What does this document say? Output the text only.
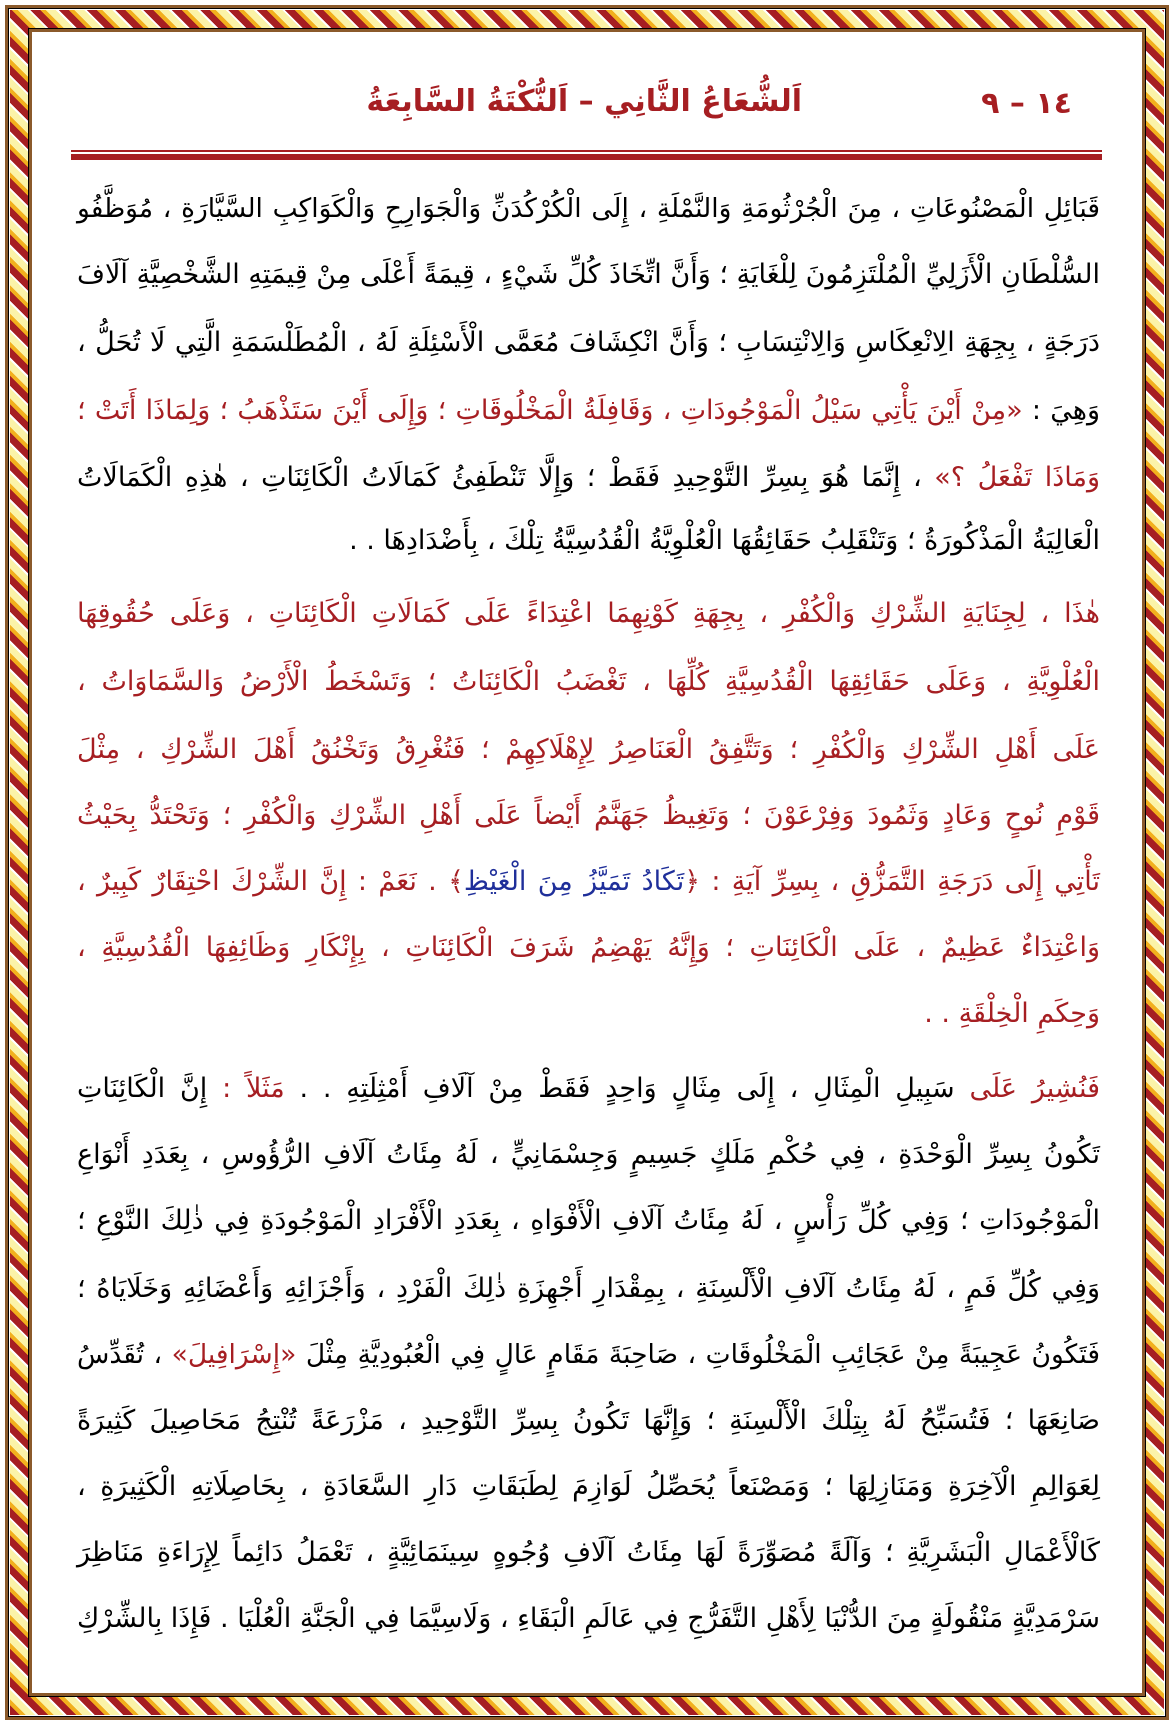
١٤ – ٩
اَلشُّعَاعُ الثَّانِي – اَلنُّكْتَةُ السَّابِعَةُ
قَبَائِلِ الْمَصْنُوعَاتِ ، مِنَ الْجُرْثُومَةِ وَالنَّمْلَةِ ، إِلَى الْكُرْكُدَنِّ وَالْجَوَارِحِ وَالْكَوَاكِبِ السَّيَّارَةِ ، مُوَظَّفُو
السُّلْطَانِ الْأَزَلِيِّ الْمُلْتَزِمُونَ لِلْغَايَةِ ؛ وَأَنَّ اتِّخَاذَ كُلِّ شَيْءٍ ، قِيمَةً أَعْلَى مِنْ قِيمَتِهِ الشَّخْصِيَّةِ آلَافَ
دَرَجَةٍ ، بِجِهَةِ الِانْعِكَاسِ وَالِانْتِسَابِ ؛ وَأَنَّ انْكِشَافَ مُعَمَّى الْأَسْئِلَةِ لَهُ ، الْمُطَلْسَمَةِ الَّتِي لَا تُحَلُّ ،
وَهِيَ : «مِنْ أَيْنَ يَأْتِي سَيْلُ الْمَوْجُودَاتِ ، وَقَافِلَةُ الْمَخْلُوقَاتِ ؛ وَإِلَى أَيْنَ سَتَذْهَبُ ؛ وَلِمَاذَا أَتَتْ ؛
وَمَاذَا تَفْعَلُ ؟» ، إِنَّمَا هُوَ بِسِرِّ التَّوْحِيدِ فَقَطْ ؛ وَإِلَّا تَنْطَفِئُ كَمَالَاتُ الْكَائِنَاتِ ، هٰذِهِ الْكَمَالَاتُ
الْعَالِيَةُ الْمَذْكُورَةُ ؛ وَتَنْقَلِبُ حَقَائِقُهَا الْعُلْوِيَّةُ الْقُدُسِيَّةُ تِلْكَ ، بِأَضْدَادِهَا . .
هٰذَا ، لِجِنَايَةِ الشِّرْكِ وَالْكُفْرِ ، بِجِهَةِ كَوْنِهِمَا اعْتِدَاءً عَلَى كَمَالَاتِ الْكَائِنَاتِ ، وَعَلَى حُقُوقِهَا
الْعُلْوِيَّةِ ، وَعَلَى حَقَائِقِهَا الْقُدُسِيَّةِ كُلِّهَا ، تَغْضَبُ الْكَائِنَاتُ ؛ وَتَسْخَطُ الْأَرْضُ وَالسَّمَاوَاتُ ،
عَلَى أَهْلِ الشِّرْكِ وَالْكُفْرِ ؛ وَتَتَّفِقُ الْعَنَاصِرُ لِإِهْلَاكِهِمْ ؛ فَتُغْرِقُ وَتَخْنُقُ أَهْلَ الشِّرْكِ ، مِثْلَ
قَوْمِ نُوحٍ وَعَادٍ وَثَمُودَ وَفِرْعَوْنَ ؛ وَتَغِيظُ جَهَنَّمُ أَيْضاً عَلَى أَهْلِ الشِّرْكِ وَالْكُفْرِ ؛ وَتَحْتَدُّ بِحَيْثُ
تَأْتِي إِلَى دَرَجَةِ التَّمَزُّقِ ، بِسِرِّ آيَةِ : ﴿تَكَادُ تَمَيَّزُ مِنَ الْغَيْظِ﴾ . نَعَمْ : إِنَّ الشِّرْكَ احْتِقَارٌ كَبِيرٌ ،
وَاعْتِدَاءٌ عَظِيمٌ ، عَلَى الْكَائِنَاتِ ؛ وَإِنَّهُ يَهْضِمُ شَرَفَ الْكَائِنَاتِ ، بِإِنْكَارِ وَظَائِفِهَا الْقُدُسِيَّةِ ،
وَحِكَمِ الْخِلْقَةِ . .
فَنُشِيرُ عَلَى سَبِيلِ الْمِثَالِ ، إِلَى مِثَالٍ وَاحِدٍ فَقَطْ مِنْ آلَافِ أَمْثِلَتِهِ . . مَثَلاً : إِنَّ الْكَائِنَاتِ
تَكُونُ بِسِرِّ الْوَحْدَةِ ، فِي حُكْمِ مَلَكٍ جَسِيمٍ وَجِسْمَانِيٍّ ، لَهُ مِئَاتُ آلَافِ الرُّؤُوسِ ، بِعَدَدِ أَنْوَاعِ
الْمَوْجُودَاتِ ؛ وَفِي كُلِّ رَأْسٍ ، لَهُ مِئَاتُ آلَافِ الْأَفْوَاهِ ، بِعَدَدِ الْأَفْرَادِ الْمَوْجُودَةِ فِي ذٰلِكَ النَّوْعِ ؛
وَفِي كُلِّ فَمٍ ، لَهُ مِئَاتُ آلَافِ الْأَلْسِنَةِ ، بِمِقْدَارِ أَجْهِزَةِ ذٰلِكَ الْفَرْدِ ، وَأَجْزَائِهِ وَأَعْضَائِهِ وَخَلَايَاهُ ؛
فَتَكُونُ عَجِيبَةً مِنْ عَجَائِبِ الْمَخْلُوقَاتِ ، صَاحِبَةَ مَقَامٍ عَالٍ فِي الْعُبُودِيَّةِ مِثْلَ «إِسْرَافِيلَ» ، تُقَدِّسُ
صَانِعَهَا ؛ فَتُسَبِّحُ لَهُ بِتِلْكَ الْأَلْسِنَةِ ؛ وَإِنَّهَا تَكُونُ بِسِرِّ التَّوْحِيدِ ، مَزْرَعَةً تُنْتِجُ مَحَاصِيلَ كَثِيرَةً
لِعَوَالِمِ الْآخِرَةِ وَمَنَازِلِهَا ؛ وَمَصْنَعاً يُحَصِّلُ لَوَازِمَ لِطَبَقَاتِ دَارِ السَّعَادَةِ ، بِحَاصِلَاتِهِ الْكَثِيرَةِ ،
كَالْأَعْمَالِ الْبَشَرِيَّةِ ؛ وَآلَةً مُصَوِّرَةً لَهَا مِئَاتُ آلَافِ وُجُوهٍ سِينَمَائِيَّةٍ ، تَعْمَلُ دَائِماً لِإِرَاءَةِ مَنَاظِرَ
سَرْمَدِيَّةٍ مَنْقُولَةٍ مِنَ الدُّنْيَا لِأَهْلِ التَّفَرُّجِ فِي عَالَمِ الْبَقَاءِ ، وَلَاسِيَّمَا فِي الْجَنَّةِ الْعُلْيَا . فَإِذَا بِالشِّرْكِ
